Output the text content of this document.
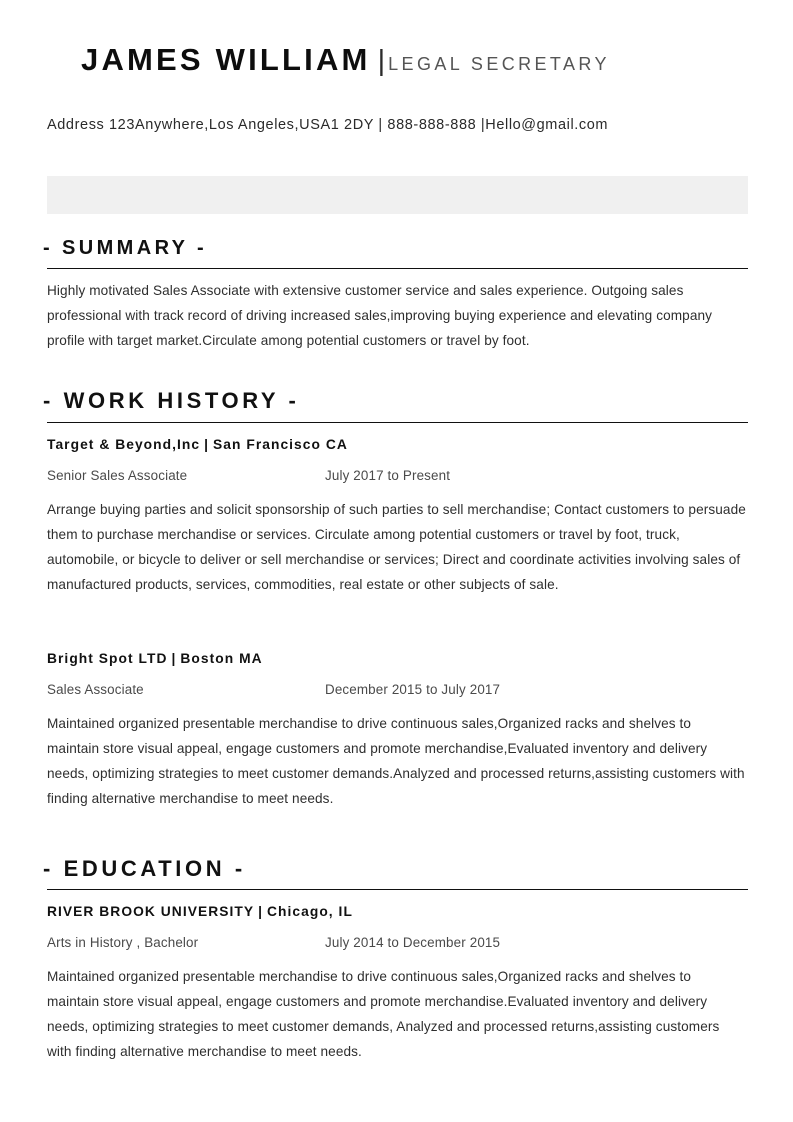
JAMES WILLIAM | LEGAL SECRETARY
Address 123Anywhere,Los Angeles,USA1 2DY | 888-888-888 |Hello@gmail.com
- SUMMARY -

Highly motivated Sales Associate with extensive customer service and sales experience. Outgoing sales professional with track record of driving increased sales,improving buying experience and elevating company profile with target market.Circulate among potential customers or travel by foot.

- WORK HISTORY -
Target & Beyond,Inc | San Francisco CA
Senior Sales Associate	July 2017 to Present

Arrange buying parties and solicit sponsorship of such parties to sell merchandise; Contact customers to persuade them to purchase merchandise or services. Circulate among potential customers or travel by foot, truck, automobile, or bicycle to deliver or sell merchandise or services; Direct and coordinate activities involving sales of manufactured products, services, commodities, real estate or other subjects of sale.

Bright Spot LTD | Boston MA
Sales Associate	December 2015 to July 2017

Maintained organized presentable merchandise to drive continuous sales,Organized racks and shelves to maintain store visual appeal, engage customers and promote merchandise,Evaluated inventory and delivery needs, optimizing strategies to meet customer demands.Analyzed and processed returns,assisting customers with finding alternative merchandise to meet needs.

- EDUCATION -
RIVER BROOK UNIVERSITY | Chicago, IL
Arts in History , Bachelor	July 2014 to December 2015

Maintained organized presentable merchandise to drive continuous sales,Organized racks and shelves to maintain store visual appeal, engage customers and promote merchandise.Evaluated inventory and delivery needs, optimizing strategies to meet customer demands, Analyzed and processed returns,assisting customers with finding alternative merchandise to meet needs.
